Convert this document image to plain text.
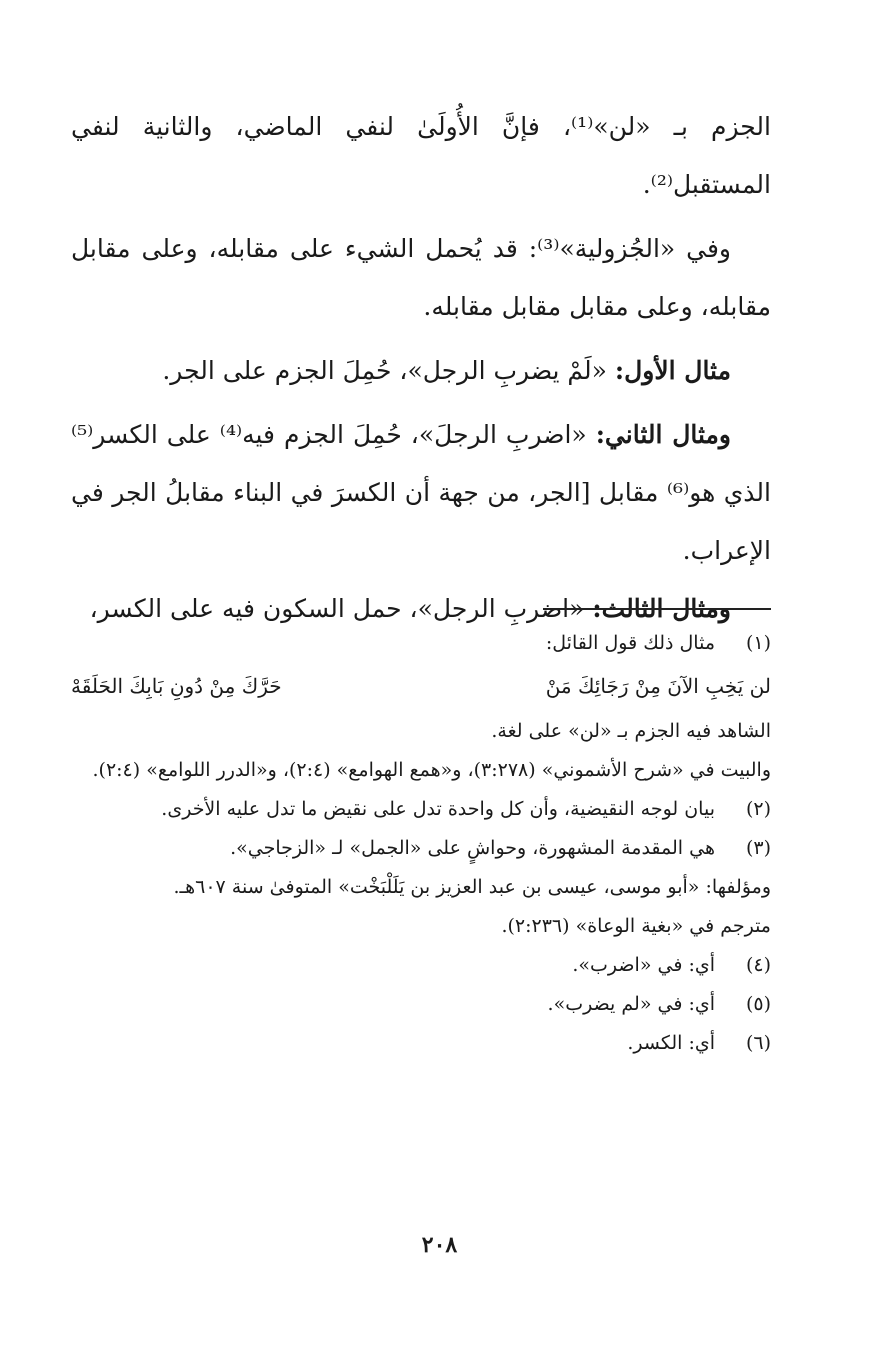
الجزم بـ «لن»⁽¹⁾، فإنَّ الأُولَىٰ لنفي الماضي، والثانية لنفي المستقبل⁽²⁾.

وفي «الجُزولية»⁽³⁾: قد يُحمل الشيء على مقابله، وعلى مقابل مقابله، وعلى مقابل مقابل مقابله.

مثال الأول: «لَمْ يضربِ الرجل»، حُمِلَ الجزم على الجر.

ومثال الثاني: «اضربِ الرجلَ»، حُمِلَ الجزم فيه⁽⁴⁾ على الكسر⁽⁵⁾ الذي هو⁽⁶⁾ مقابل [الجر، من جهة أن الكسرَ في البناء مقابلُ الجر في الإعراب.

ومثال الثالث: «اضربِ الرجل»، حمل السكون فيه على الكسر،

(١)
مثال ذلك قول القائل:
لن يَخِبِ الآنَ مِنْ رَجَائِكَ مَنْ
حَرَّكَ مِنْ دُونِ بَابِكَ الحَلَقَهْ
الشاهد فيه الجزم بـ «لن» على لغة.
والبيت في «شرح الأشموني» (٣:٢٧٨)، و«همع الهوامع» (٢:٤)، و«الدرر اللوامع» (٢:٤).
(٢)
بيان لوجه النقيضية، وأن كل واحدة تدل على نقيض ما تدل عليه الأخرى.
(٣)
هي المقدمة المشهورة، وحواشٍ على «الجمل» لـ «الزجاجي».
ومؤلفها: «أبو موسى، عيسى بن عبد العزيز بن يَلَلْبَخْت» المتوفىٰ سنة ٦٠٧هـ.
مترجم في «بغية الوعاة» (٢:٢٣٦).
(٤)
أي: في «اضرب».
(٥)
أي: في «لم يضرب».
(٦)
أي: الكسر.
٢٠٨
